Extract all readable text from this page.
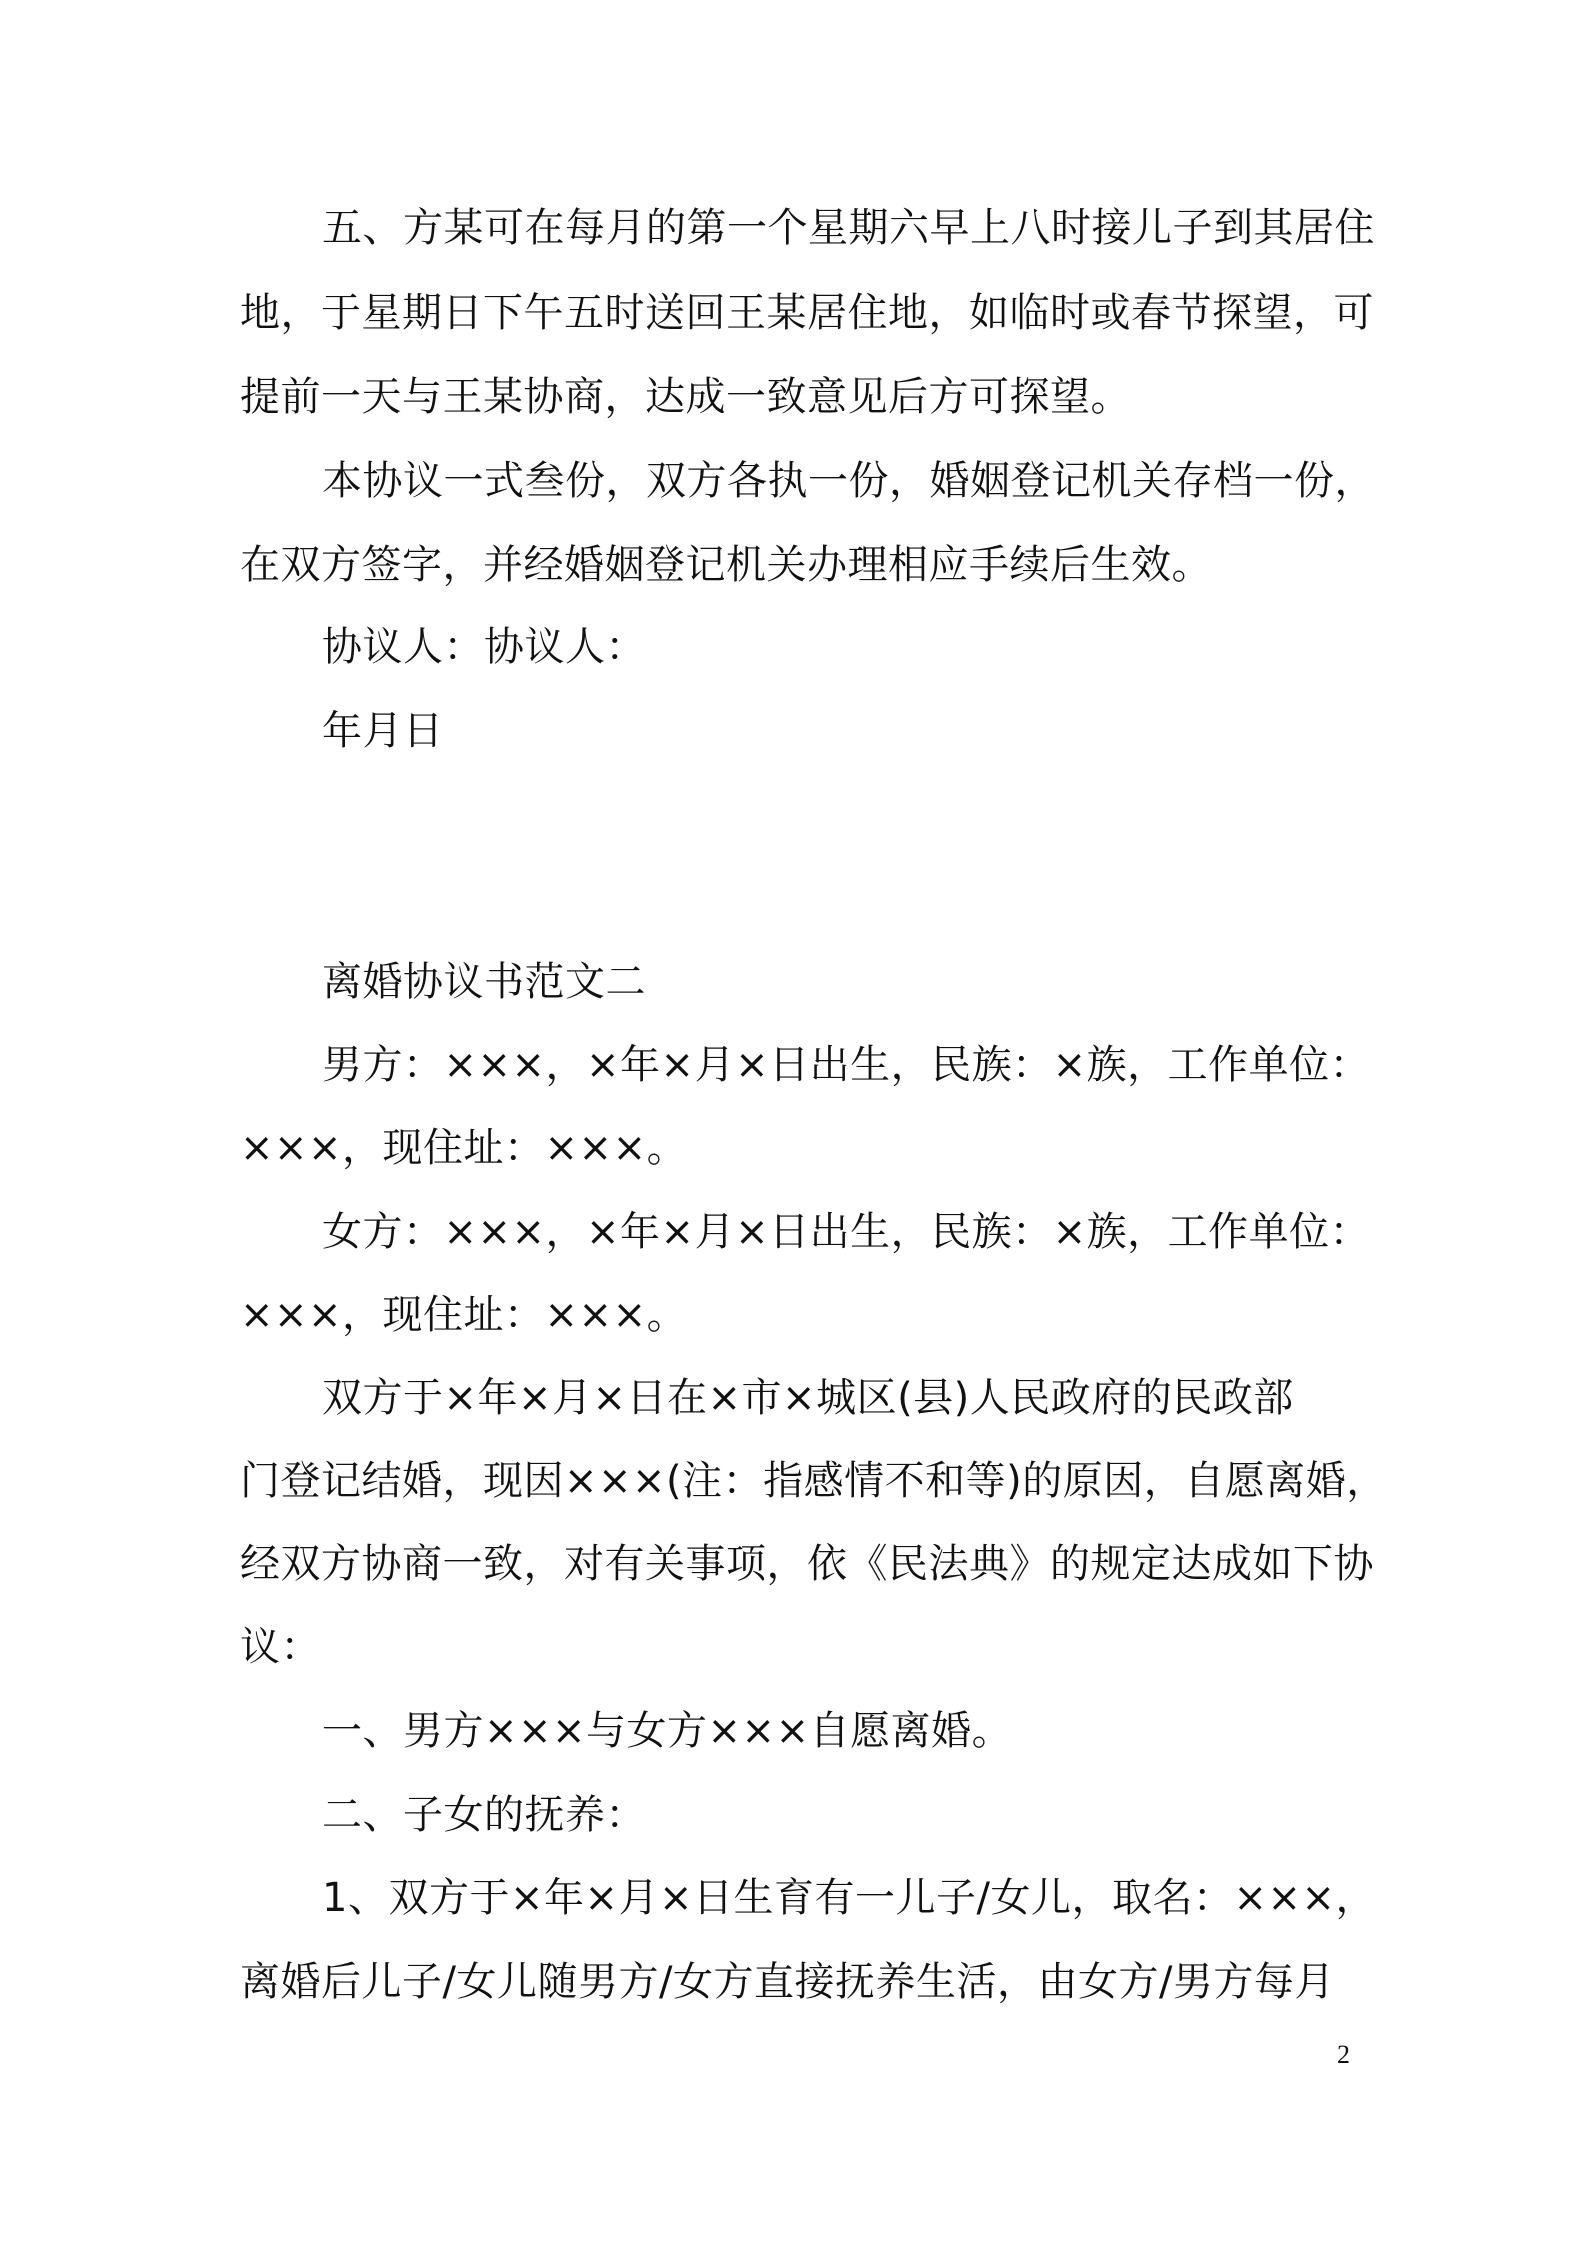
五、方某可在每月的第一个星期六早上八时接儿子到其居住
地，于星期日下午五时送回王某居住地，如临时或春节探望，可
提前一天与王某协商，达成一致意见后方可探望。
本协议一式叁份，双方各执一份，婚姻登记机关存档一份，
在双方签字，并经婚姻登记机关办理相应手续后生效。
协议人：协议人：
年月日
离婚协议书范文二
男方：×××，×年×月×日出生，民族：×族，工作单位：
×××，现住址：×××。
女方：×××，×年×月×日出生，民族：×族，工作单位：
×××，现住址：×××。
双方于×年×月×日在×市×城区(县)人民政府的民政部
门登记结婚，现因×××(注：指感情不和等)的原因，自愿离婚，
经双方协商一致，对有关事项，依《民法典》的规定达成如下协
议：
一、男方×××与女方×××自愿离婚。
二、子女的抚养：
1、双方于×年×月×日生育有一儿子/女儿，取名：×××，
离婚后儿子/女儿随男方/女方直接抚养生活，由女方/男方每月
2
